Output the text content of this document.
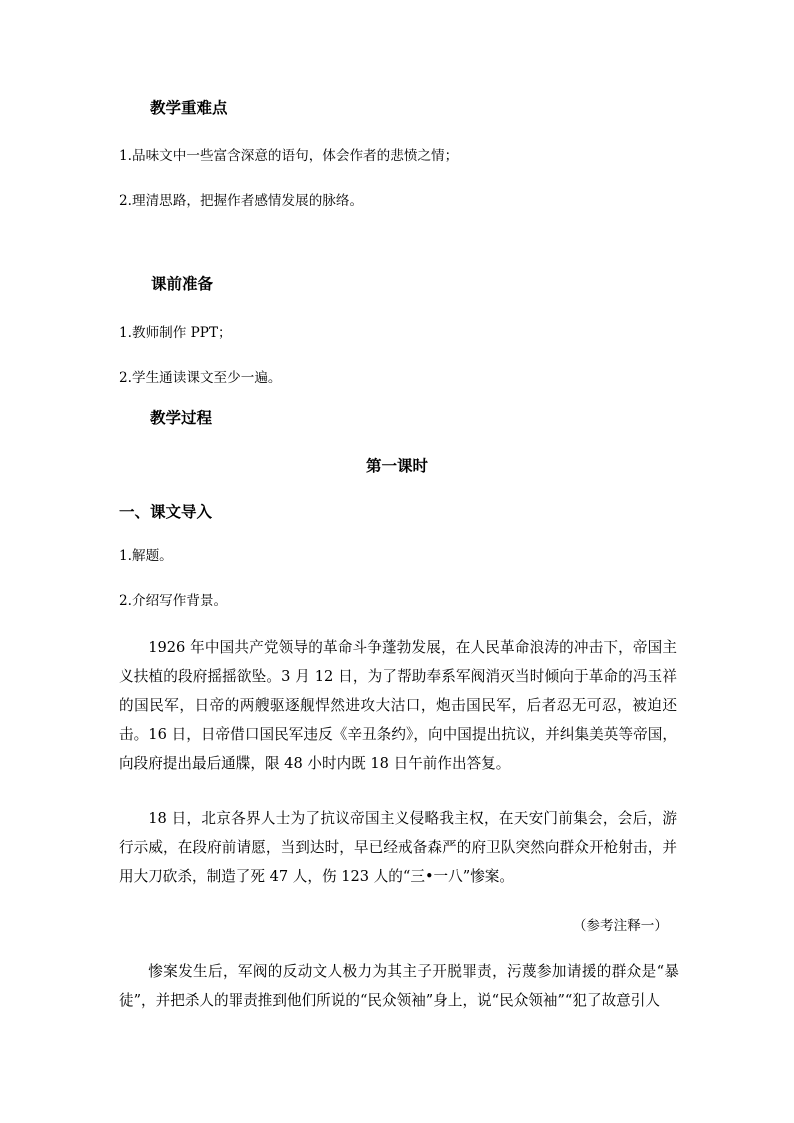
教学重难点
1.品味文中一些富含深意的语句，体会作者的悲愤之情；
2.理清思路，把握作者感情发展的脉络。
课前准备
1.教师制作 PPT；
2.学生通读课文至少一遍。
教学过程
第一课时
一、课文导入
1.解题。
2.介绍写作背景。
1926 年中国共产党领导的革命斗争蓬勃发展，在人民革命浪涛的冲击下，帝国主义扶植的段府摇摇欲坠。3 月 12 日，为了帮助奉系军阀消灭当时倾向于革命的冯玉祥的国民军，日帝的两艘驱逐舰悍然进攻大沽口，炮击国民军，后者忍无可忍，被迫还击。16 日，日帝借口国民军违反《辛丑条约》，向中国提出抗议，并纠集美英等帝国，向段府提出最后通牒，限 48 小时内既 18 日午前作出答复。
18 日，北京各界人士为了抗议帝国主义侵略我主权，在天安门前集会，会后，游行示威，在段府前请愿，当到达时，早已经戒备森严的府卫队突然向群众开枪射击，并用大刀砍杀，制造了死 47 人，伤 123 人的“三•一八”惨案。
（参考注释一）
惨案发生后，军阀的反动文人极力为其主子开脱罪责，污蔑参加请援的群众是“暴徒”，并把杀人的罪责推到他们所说的“民众领袖”身上，说“民众领袖”“犯了故意引人
